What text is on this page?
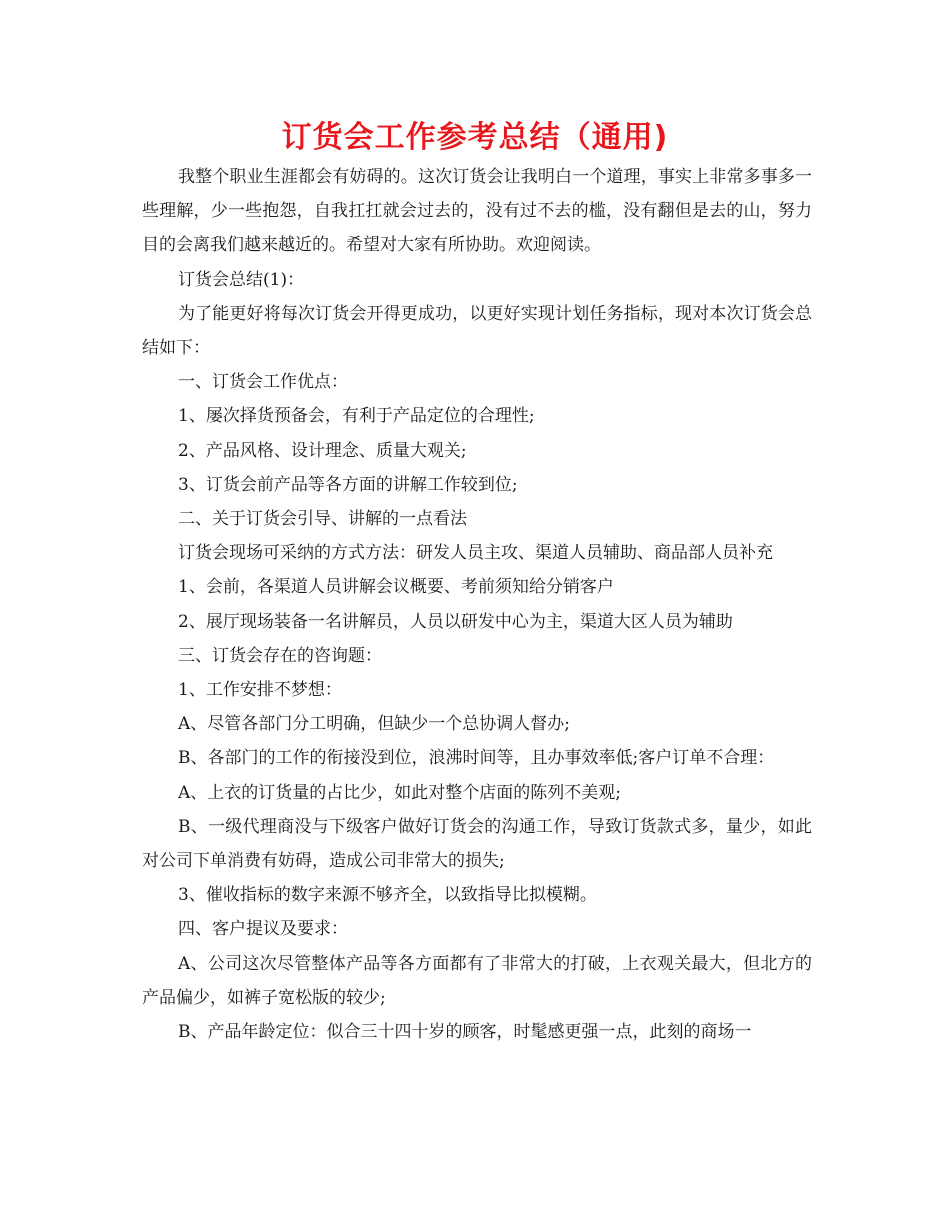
订货会工作参考总结（通用)

我整个职业生涯都会有妨碍的。这次订货会让我明白一个道理，事实上非常多事多一些理解，少一些抱怨，自我扛扛就会过去的，没有过不去的槛，没有翻但是去的山，努力目的会离我们越来越近的。希望对大家有所协助。欢迎阅读。

订货会总结(1)：

为了能更好将每次订货会开得更成功，以更好实现计划任务指标，现对本次订货会总结如下：

一、订货会工作优点：

1、屡次择货预备会，有利于产品定位的合理性;

2、产品风格、设计理念、质量大观关;

3、订货会前产品等各方面的讲解工作较到位;

二、关于订货会引导、讲解的一点看法

订货会现场可采纳的方式方法：研发人员主攻、渠道人员辅助、商品部人员补充

1、会前，各渠道人员讲解会议概要、考前须知给分销客户

2、展厅现场装备一名讲解员，人员以研发中心为主，渠道大区人员为辅助

三、订货会存在的咨询题：

1、工作安排不梦想：

A、尽管各部门分工明确，但缺少一个总协调人督办;

B、各部门的工作的衔接没到位，浪沸时间等，且办事效率低;客户订单不合理：

A、上衣的订货量的占比少，如此对整个店面的陈列不美观;

B、一级代理商没与下级客户做好订货会的沟通工作，导致订货款式多，量少，如此对公司下单消费有妨碍，造成公司非常大的损失;

3、催收指标的数字来源不够齐全，以致指导比拟模糊。

四、客户提议及要求：

A、公司这次尽管整体产品等各方面都有了非常大的打破，上衣观关最大，但北方的产品偏少，如裤子宽松版的较少;

B、产品年龄定位：似合三十四十岁的顾客，时髦感更强一点，此刻的商场一
